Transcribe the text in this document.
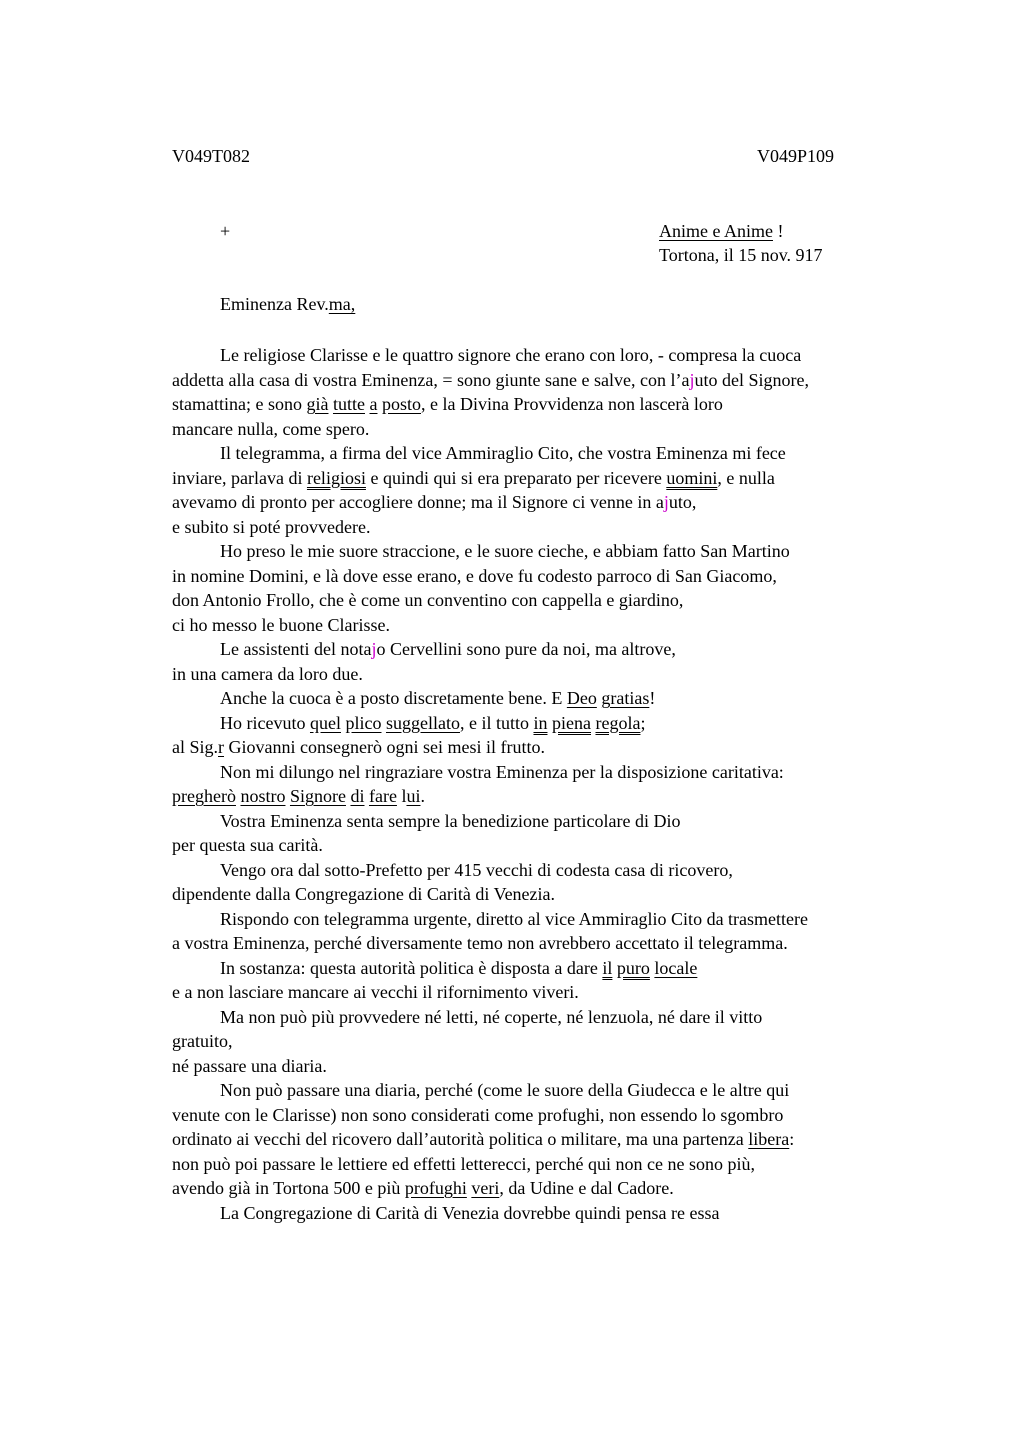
V049T082	V049P109
+	Anime e Anime !
Tortona, il 15 nov. 917
Eminenza Rev.ma,
Le religiose Clarisse e le quattro signore che erano con loro, - compresa la cuoca
addetta alla casa di vostra Eminenza, = sono giunte sane e salve, con l’ajuto del Signore,
stamattina; e sono già tutte a posto, e la Divina Provvidenza non lascerà loro
mancare nulla, come spero.
Il telegramma, a firma del vice Ammiraglio Cito, che vostra Eminenza mi fece
inviare, parlava di religiosi e quindi qui si era preparato per ricevere uomini, e nulla
avevamo di pronto per accogliere donne; ma il Signore ci venne in ajuto,
e subito si poté provvedere.
Ho preso le mie suore straccione, e le suore cieche, e abbiam fatto San Martino
in nomine Domini, e là dove esse erano, e dove fu codesto parroco di San Giacomo,
don Antonio Frollo, che è come un conventino con cappella e giardino,
ci ho messo le buone Clarisse.
Le assistenti del notajo Cervellini sono pure da noi, ma altrove,
in una camera da loro due.
Anche la cuoca è a posto discretamente bene. E Deo gratias!
Ho ricevuto quel plico suggellato, e il tutto in piena regola;
al Sig.r Giovanni consegnerò ogni sei mesi il frutto.
Non mi dilungo nel ringraziare vostra Eminenza per la disposizione caritativa:
pregherò nostro Signore di fare lui.
Vostra Eminenza senta sempre la benedizione particolare di Dio
per questa sua carità.
Vengo ora dal sotto-Prefetto per 415 vecchi di codesta casa di ricovero,
dipendente dalla Congregazione di Carità di Venezia.
Rispondo con telegramma urgente, diretto al vice Ammiraglio Cito da trasmettere
a vostra Eminenza, perché diversamente temo non avrebbero accettato il telegramma.
In sostanza: questa autorità politica è disposta a dare il puro locale
e a non lasciare mancare ai vecchi il rifornimento viveri.
Ma non può più provvedere né letti, né coperte, né lenzuola, né dare il vitto
gratuito,
né passare una diaria.
Non può passare una diaria, perché (come le suore della Giudecca e le altre qui
venute con le Clarisse) non sono considerati come profughi, non essendo lo sgombro
ordinato ai vecchi del ricovero dall’autorità politica o militare, ma una partenza libera:
non può poi passare le lettiere ed effetti letterecci, perché qui non ce ne sono più,
avendo già in Tortona 500 e più profughi veri, da Udine e dal Cadore.
La Congregazione di Carità di Venezia dovrebbe quindi pensa re essa
